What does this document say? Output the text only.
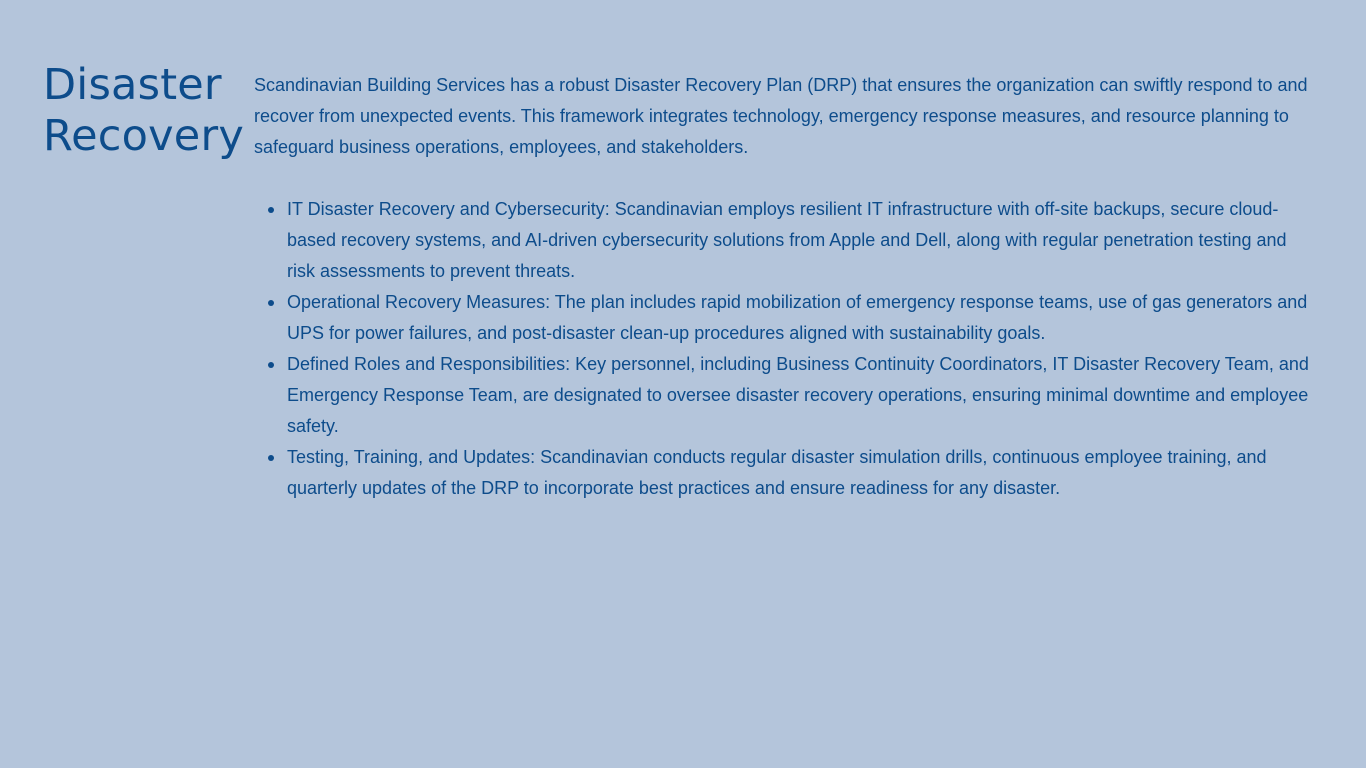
Disaster
Recovery

Scandinavian Building Services has a robust Disaster Recovery Plan (DRP) that ensures the organization can swiftly respond to and recover from unexpected events. This framework integrates technology, emergency response measures, and resource planning to safeguard business operations, employees, and stakeholders.

IT Disaster Recovery and Cybersecurity: Scandinavian employs resilient IT infrastructure with off-site backups, secure cloud-based recovery systems, and AI-driven cybersecurity solutions from Apple and Dell, along with regular penetration testing and risk assessments to prevent threats.
Operational Recovery Measures: The plan includes rapid mobilization of emergency response teams, use of gas generators and UPS for power failures, and post-disaster clean-up procedures aligned with sustainability goals.
Defined Roles and Responsibilities: Key personnel, including Business Continuity Coordinators, IT Disaster Recovery Team, and Emergency Response Team, are designated to oversee disaster recovery operations, ensuring minimal downtime and employee safety.
Testing, Training, and Updates: Scandinavian conducts regular disaster simulation drills, continuous employee training, and quarterly updates of the DRP to incorporate best practices and ensure readiness for any disaster.
